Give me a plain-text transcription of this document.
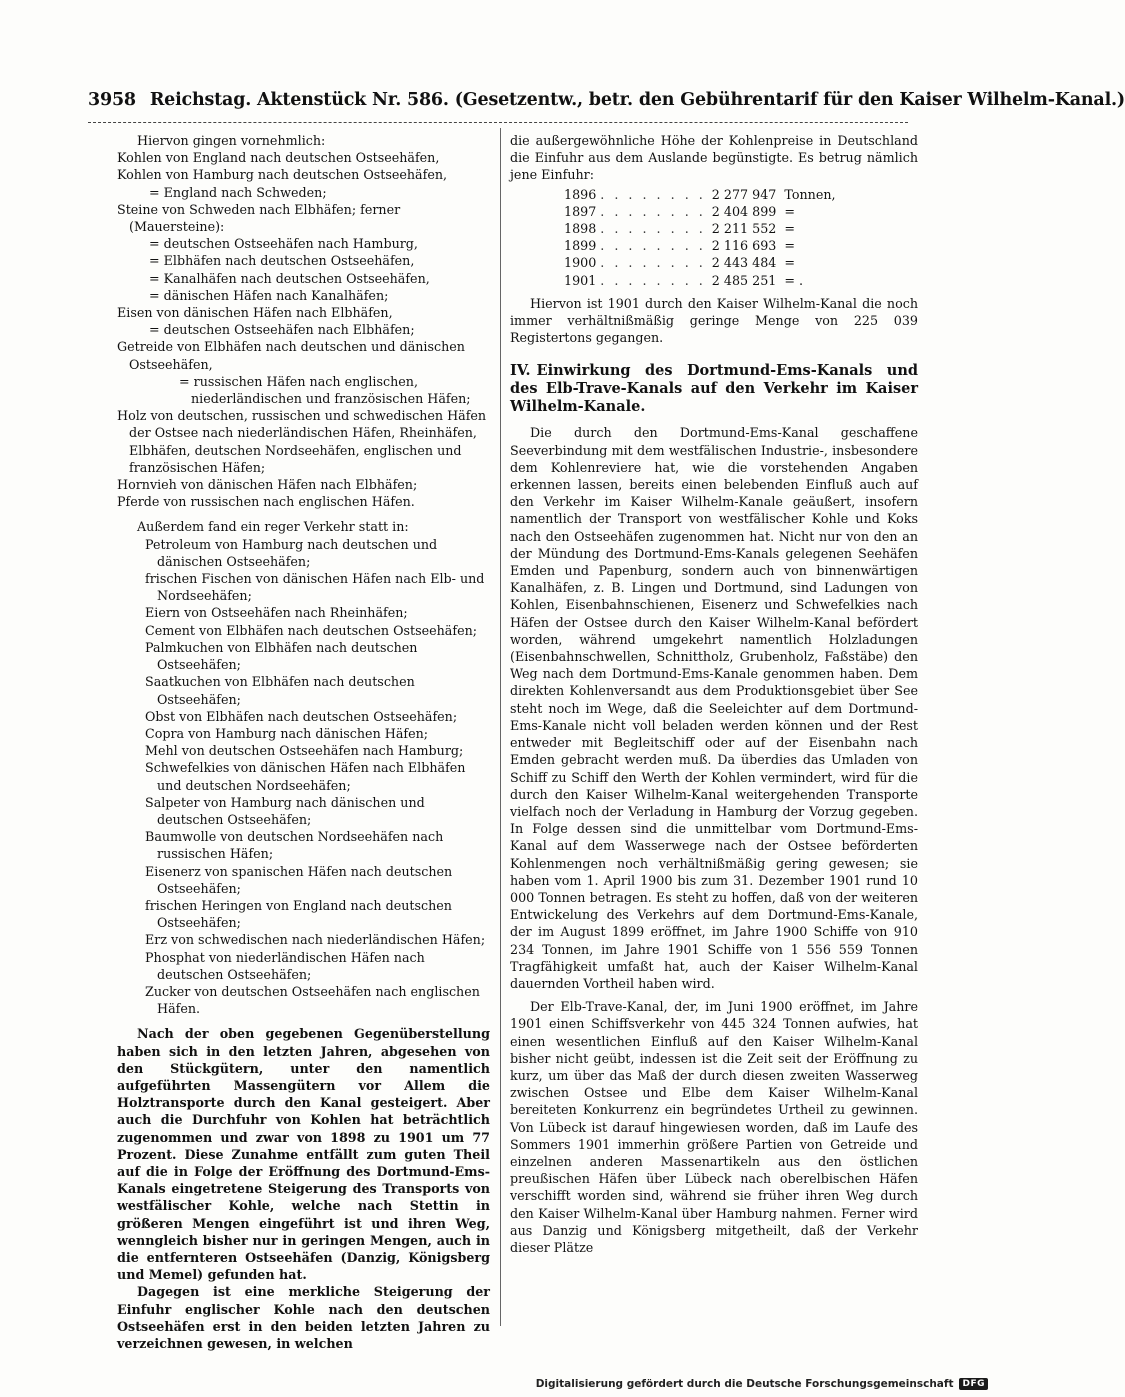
3958 Reichstag. Aktenstück Nr. 586. (Gesetzentw., betr. den Gebührentarif für den Kaiser Wilhelm-Kanal.)

Hiervon gingen vornehmlich:

Kohlen von England nach deutschen Ostseehäfen,
Kohlen von Hamburg nach deutschen Ostseehäfen,
= England nach Schweden;
Steine von Schweden nach Elbhäfen; ferner (Mauersteine):
= deutschen Ostseehäfen nach Hamburg,
= Elbhäfen nach deutschen Ostseehäfen,
= Kanalhäfen nach deutschen Ostseehäfen,
= dänischen Häfen nach Kanalhäfen;
Eisen von dänischen Häfen nach Elbhäfen,
= deutschen Ostseehäfen nach Elbhäfen;
Getreide von Elbhäfen nach deutschen und dänischen Ostseehäfen,
= russischen Häfen nach englischen, niederländischen und französischen Häfen;
Holz von deutschen, russischen und schwedischen Häfen der Ostsee nach niederländischen Häfen, Rheinhäfen, Elbhäfen, deutschen Nordseehäfen, englischen und französischen Häfen;
Hornvieh von dänischen Häfen nach Elbhäfen;
Pferde von russischen nach englischen Häfen.

Außerdem fand ein reger Verkehr statt in:

Petroleum von Hamburg nach deutschen und dänischen Ostseehäfen;
frischen Fischen von dänischen Häfen nach Elb- und Nordseehäfen;
Eiern von Ostseehäfen nach Rheinhäfen;
Cement von Elbhäfen nach deutschen Ostseehäfen;
Palmkuchen von Elbhäfen nach deutschen Ostseehäfen;
Saatkuchen von Elbhäfen nach deutschen Ostseehäfen;
Obst von Elbhäfen nach deutschen Ostseehäfen;
Copra von Hamburg nach dänischen Häfen;
Mehl von deutschen Ostseehäfen nach Hamburg;
Schwefelkies von dänischen Häfen nach Elbhäfen und deutschen Nordseehäfen;
Salpeter von Hamburg nach dänischen und deutschen Ostseehäfen;
Baumwolle von deutschen Nordseehäfen nach russischen Häfen;
Eisenerz von spanischen Häfen nach deutschen Ostseehäfen;
frischen Heringen von England nach deutschen Ostseehäfen;
Erz von schwedischen nach niederländischen Häfen;
Phosphat von niederländischen Häfen nach deutschen Ostseehäfen;
Zucker von deutschen Ostseehäfen nach englischen Häfen.

Nach der oben gegebenen Gegenüberstellung haben sich in den letzten Jahren, abgesehen von den Stückgütern, unter den namentlich aufgeführten Massengütern vor Allem die Holztransporte durch den Kanal gesteigert. Aber auch die Durchfuhr von Kohlen hat beträchtlich zugenommen und zwar von 1898 zu 1901 um 77 Prozent. Diese Zunahme entfällt zum guten Theil auf die in Folge der Eröffnung des Dortmund-Ems-Kanals eingetretene Steigerung des Transports von westfälischer Kohle, welche nach Stettin in größeren Mengen eingeführt ist und ihren Weg, wenngleich bisher nur in geringen Mengen, auch in die entfernteren Ostseehäfen (Danzig, Königsberg und Memel) gefunden hat.

Dagegen ist eine merkliche Steigerung der Einfuhr englischer Kohle nach den deutschen Ostseehäfen erst in den beiden letzten Jahren zu verzeichnen gewesen, in welchen

die außergewöhnliche Höhe der Kohlenpreise in Deutschland die Einfuhr aus dem Auslande begünstigte. Es betrug nämlich jene Einfuhr:

1896	. . . . . . . .	2 277 947	Tonnen,
1897	. . . . . . . .	2 404 899	=
1898	. . . . . . . .	2 211 552	=
1899	. . . . . . . .	2 116 693	=
1900	. . . . . . . .	2 443 484	=
1901	. . . . . . . .	2 485 251	= .

Hiervon ist 1901 durch den Kaiser Wilhelm-Kanal die noch immer verhältnißmäßig geringe Menge von 225 039 Registertons gegangen.

IV. Einwirkung des Dortmund-Ems-Kanals und des Elb-Trave-Kanals auf den Verkehr im Kaiser Wilhelm-Kanale.

Die durch den Dortmund-Ems-Kanal geschaffene Seeverbindung mit dem westfälischen Industrie-, insbesondere dem Kohlenreviere hat, wie die vorstehenden Angaben erkennen lassen, bereits einen belebenden Einfluß auch auf den Verkehr im Kaiser Wilhelm-Kanale geäußert, insofern namentlich der Transport von westfälischer Kohle und Koks nach den Ostseehäfen zugenommen hat. Nicht nur von den an der Mündung des Dortmund-Ems-Kanals gelegenen Seehäfen Emden und Papenburg, sondern auch von binnenwärtigen Kanalhäfen, z. B. Lingen und Dortmund, sind Ladungen von Kohlen, Eisenbahnschienen, Eisenerz und Schwefelkies nach Häfen der Ostsee durch den Kaiser Wilhelm-Kanal befördert worden, während umgekehrt namentlich Holzladungen (Eisenbahnschwellen, Schnittholz, Grubenholz, Faßstäbe) den Weg nach dem Dortmund-Ems-Kanale genommen haben. Dem direkten Kohlenversandt aus dem Produktionsgebiet über See steht noch im Wege, daß die Seeleichter auf dem Dortmund-Ems-Kanale nicht voll beladen werden können und der Rest entweder mit Begleitschiff oder auf der Eisenbahn nach Emden gebracht werden muß. Da überdies das Umladen von Schiff zu Schiff den Werth der Kohlen vermindert, wird für die durch den Kaiser Wilhelm-Kanal weitergehenden Transporte vielfach noch der Verladung in Hamburg der Vorzug gegeben. In Folge dessen sind die unmittelbar vom Dortmund-Ems-Kanal auf dem Wasserwege nach der Ostsee beförderten Kohlenmengen noch verhältnißmäßig gering gewesen; sie haben vom 1. April 1900 bis zum 31. Dezember 1901 rund 10 000 Tonnen betragen. Es steht zu hoffen, daß von der weiteren Entwickelung des Verkehrs auf dem Dortmund-Ems-Kanale, der im August 1899 eröffnet, im Jahre 1900 Schiffe von 910 234 Tonnen, im Jahre 1901 Schiffe von 1 556 559 Tonnen Tragfähigkeit umfaßt hat, auch der Kaiser Wilhelm-Kanal dauernden Vortheil haben wird.

Der Elb-Trave-Kanal, der, im Juni 1900 eröffnet, im Jahre 1901 einen Schiffsverkehr von 445 324 Tonnen aufwies, hat einen wesentlichen Einfluß auf den Kaiser Wilhelm-Kanal bisher nicht geübt, indessen ist die Zeit seit der Eröffnung zu kurz, um über das Maß der durch diesen zweiten Wasserweg zwischen Ostsee und Elbe dem Kaiser Wilhelm-Kanal bereiteten Konkurrenz ein begründetes Urtheil zu gewinnen. Von Lübeck ist darauf hingewiesen worden, daß im Laufe des Sommers 1901 immerhin größere Partien von Getreide und einzelnen anderen Massenartikeln aus den östlichen preußischen Häfen über Lübeck nach oberelbischen Häfen verschifft worden sind, während sie früher ihren Weg durch den Kaiser Wilhelm-Kanal über Hamburg nahmen. Ferner wird aus Danzig und Königsberg mitgetheilt, daß der Verkehr dieser Plätze

Digitalisierung gefördert durch die Deutsche Forschungsgemeinschaft	DFG
